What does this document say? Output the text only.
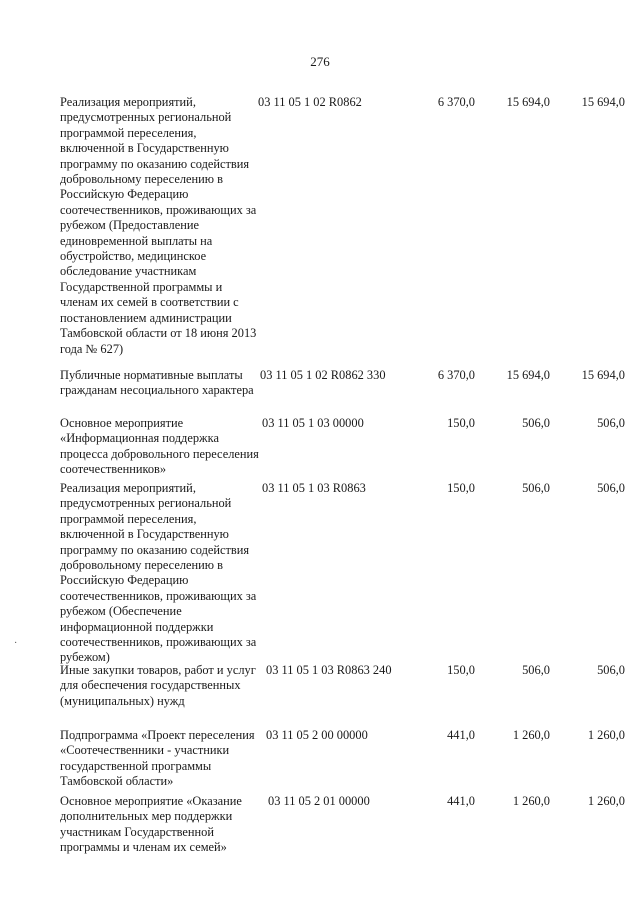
276
Реализация мероприятий, предусмотренных региональной программой переселения, включенной в Государственную программу по оказанию содействия добровольному переселению в Российскую Федерацию соотечественников, проживающих за рубежом (Предоставление единовременной выплаты на обустройство, медицинское обследование участникам Государственной программы и членам их семей в соответствии с постановлением администрации Тамбовской области от 18 июня 2013 года № 627)
03 11 05 1 02 R0862	6 370,0	15 694,0	15 694,0
Публичные нормативные выплаты гражданам несоциального характера
03 11 05 1 02 R0862 330	6 370,0	15 694,0	15 694,0
Основное мероприятие «Информационная поддержка процесса добровольного переселения соотечественников»
03 11 05 1 03 00000	150,0	506,0	506,0
Реализация мероприятий, предусмотренных региональной программой переселения, включенной в Государственную программу по оказанию содействия добровольному переселению в Российскую Федерацию соотечественников, проживающих за рубежом (Обеспечение информационной поддержки соотечественников, проживающих за рубежом)
03 11 05 1 03 R0863	150,0	506,0	506,0
·
Иные закупки товаров, работ и услуг для обеспечения государственных (муниципальных) нужд
03 11 05 1 03 R0863 240	150,0	506,0	506,0
Подпрограмма «Проект переселения «Соотечественники - участники государственной программы Тамбовской области»
03 11 05 2 00 00000	441,0	1 260,0	1 260,0
Основное мероприятие «Оказание дополнительных мер поддержки участникам Государственной программы и членам их семей»
03 11 05 2 01 00000	441,0	1 260,0	1 260,0
